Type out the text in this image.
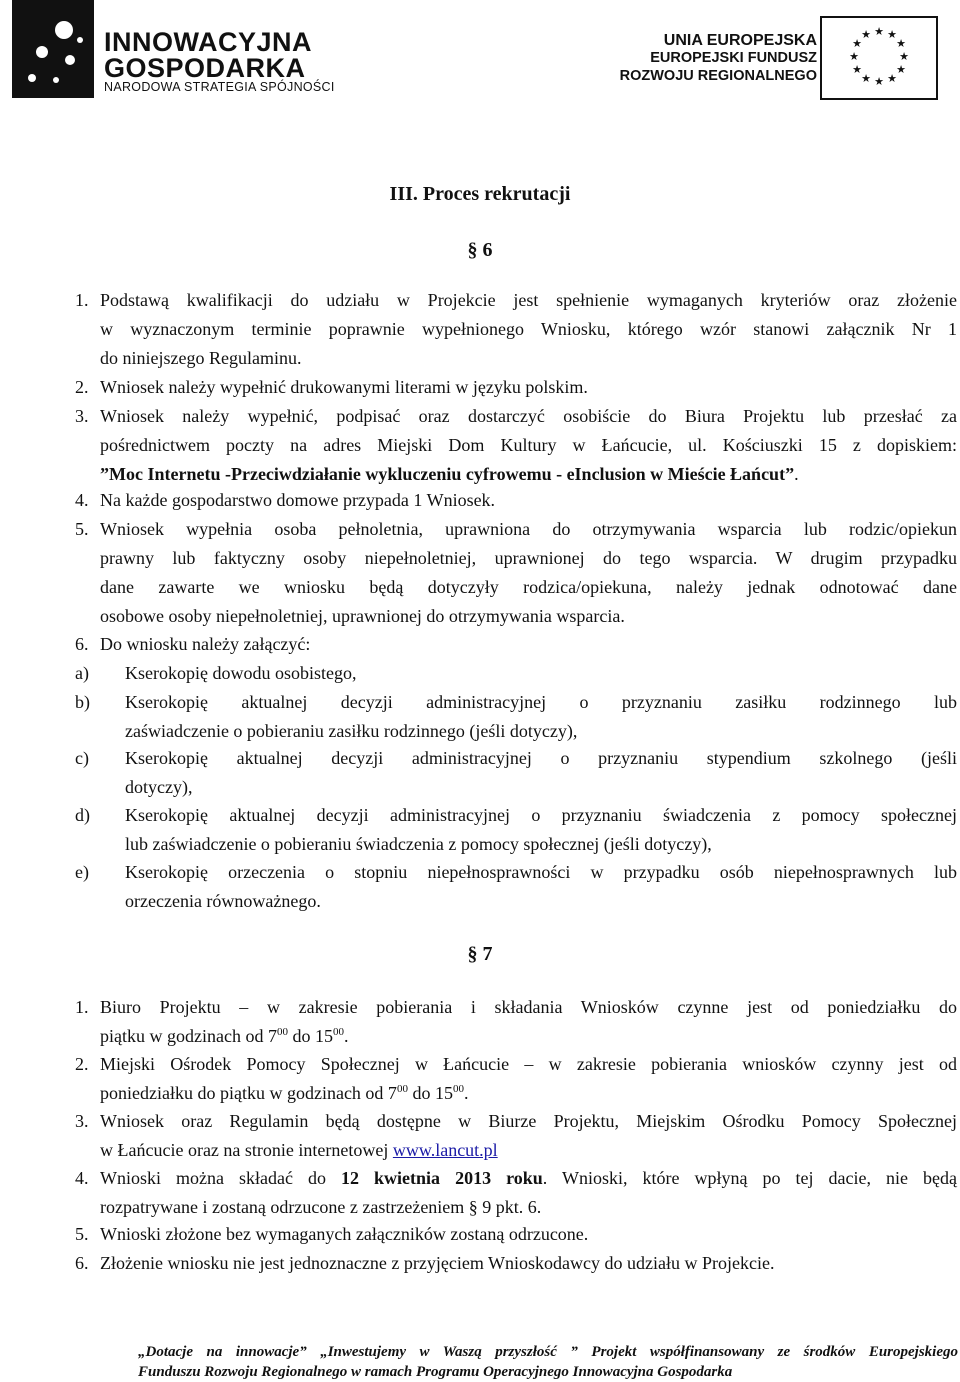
INNOWACYJNA
GOSPODARKA
NARODOWA STRATEGIA SPÓJNOŚCI
UNIA EUROPEJSKA
EUROPEJSKI FUNDUSZ
ROZWOJU REGIONALNEGO
★ ★
★
★
★
★
★
★
★
★
★
★
III. Proces rekrutacji
§ 6
1. Podstawą kwalifikacji do udziału w Projekcie jest spełnienie wymaganych kryteriów oraz złożenie
w wyznaczonym terminie poprawnie wypełnionego Wniosku, którego wzór stanowi załącznik Nr 1
do niniejszego Regulaminu.
2. Wniosek należy wypełnić drukowanymi literami w języku polskim.
3. Wniosek należy wypełnić, podpisać oraz dostarczyć osobiście do Biura Projektu lub przesłać za
pośrednictwem poczty na adres Miejski Dom Kultury w Łańcucie, ul. Kościuszki 15 z dopiskiem:
”Moc Internetu -Przeciwdziałanie wykluczeniu cyfrowemu - eInclusion w Mieście Łańcut”.
4. Na każde gospodarstwo domowe przypada 1 Wniosek.
5. Wniosek wypełnia osoba pełnoletnia, uprawniona do otrzymywania wsparcia lub rodzic/opiekun
prawny lub faktyczny osoby niepełnoletniej, uprawnionej do tego wsparcia. W drugim przypadku
dane zawarte we wniosku będą dotyczyły rodzica/opiekuna, należy jednak odnotować dane
osobowe osoby niepełnoletniej, uprawnionej do otrzymywania wsparcia.
6. Do wniosku należy załączyć:
a)	Kserokopię dowodu osobistego,
b)	Kserokopię aktualnej decyzji administracyjnej o przyznaniu zasiłku rodzinnego lub
zaświadczenie o pobieraniu zasiłku rodzinnego (jeśli dotyczy),
c)	Kserokopię aktualnej decyzji administracyjnej o przyznaniu stypendium szkolnego (jeśli
dotyczy),
d)	Kserokopię aktualnej decyzji administracyjnej o przyznaniu świadczenia z pomocy społecznej
lub zaświadczenie o pobieraniu świadczenia z pomocy społecznej (jeśli dotyczy),
e)	Kserokopię orzeczenia o stopniu niepełnosprawności w przypadku osób niepełnosprawnych lub
orzeczenia równoważnego.
§ 7
1. Biuro Projektu – w zakresie pobierania i składania Wniosków czynne jest od poniedziałku do
piątku w godzinach od $7^{00}$ do $15^{00}$.
2. Miejski Ośrodek Pomocy Społecznej w Łańcucie – w zakresie pobierania wniosków czynny jest od
poniedziałku do piątku w godzinach od $7^{00}$ do $15^{00}$.
3. Wniosek oraz Regulamin będą dostępne w Biurze Projektu, Miejskim Ośrodku Pomocy Społecznej
w Łańcucie oraz na stronie internetowej www.lancut.pl
4. Wnioski można składać do 12 kwietnia 2013 roku. Wnioski, które wpłyną po tej dacie, nie będą
rozpatrywane i zostaną odrzucone z zastrzeżeniem § 9 pkt. 6.
5. Wnioski złożone bez wymaganych załączników zostaną odrzucone.
6. Złożenie wniosku nie jest jednoznaczne z przyjęciem Wnioskodawcy do udziału w Projekcie.
„Dotacje na innowacje” „Inwestujemy w Waszą przyszłość ” Projekt współfinansowany ze środków Europejskiego
Funduszu Rozwoju Regionalnego w ramach Programu Operacyjnego Innowacyjna Gospodarka
